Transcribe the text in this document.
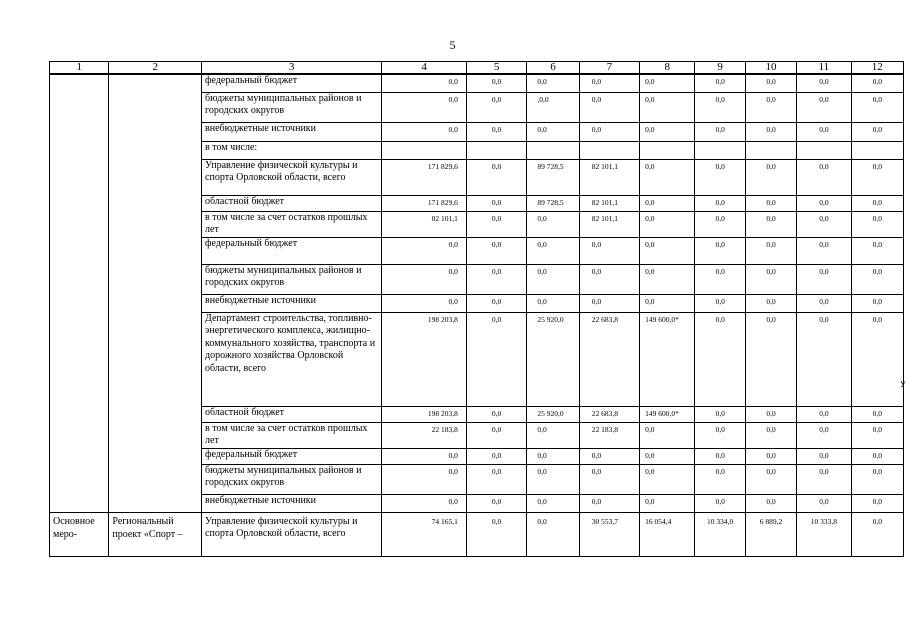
5
1	2	3	4	5	6	7	8	9	10	11	12
		федеральный бюджет	0,0	0,0	0,0	0,0	0,0	0,0	0,0	0,0	0,0
		бюджеты муниципальных районов и городских округов	0,0	0,0	,0,0	0,0	0,0	0,0	0,0	0,0	0,0
		внебюджетные источники	0,0	0,0	0,0	0,0	0,0	0,0	0,0	0,0	0,0
		в том числе:									
		Управление физической культуры и спорта Орловской области, всего	171 829,6	0,0	89 728,5	82 101,1	0,0	0,0	0,0	0,0	0,0
		областной бюджет	171 829,6	0,0	89 728,5	82 101,1	0,0	0,0	0,0	0,0	0,0
		в том числе за счет остатков прошлых лет	82 101,1	0,0	0,0	82 101,1	0,0	0,0	0,0	0,0	0,0
		федеральный бюджет	0,0	0,0	0,0	0,0	0,0	0,0	0,0	0,0	0,0
		бюджеты муниципальных районов и городских округов	0,0	0,0	0,0	0,0	0,0	0,0	0,0	0,0	0,0
		внебюджетные источники	0,0	0,0	0,0	0,0	0,0	0,0	0,0	0,0	0,0
		Департамент строительства, топливно-энергетического комплекса, жилищно-коммунального хозяйства, транспорта и дорожного хозяйства Орловской области, всего	198 203,8	0,0	25 920,0	22 683,8	149 600,0*	0,0	0,0	0,0	0,0
		областной бюджет	198 203,8	0,0	25 920,0	22 683,8	149 600,0*	0,0	0,0	0,0	0,0
		в том числе за счет остатков прошлых лет	22 183,8	0,0	0,0	22 183,8	0,0	0,0	0,0	0,0	0,0
		федеральный бюджет	0,0	0,0	0,0	0,0	0,0	0,0	0,0	0,0	0,0
		бюджеты муниципальных районов и городских округов	0,0	0,0	0,0	0,0	0,0	0,0	0,0	0,0	0,0
		внебюджетные источники	0,0	0,0	0,0	0,0	0,0	0,0	0,0	0,0	0,0
Основное меро-	Региональный проект «Спорт –	Управление физической культуры и спорта Орловской области, всего	74 165,1	0,0	0,0	30 553,7	16 054,4	10 334,0	6 889,2	10 333,8	0,0
У
